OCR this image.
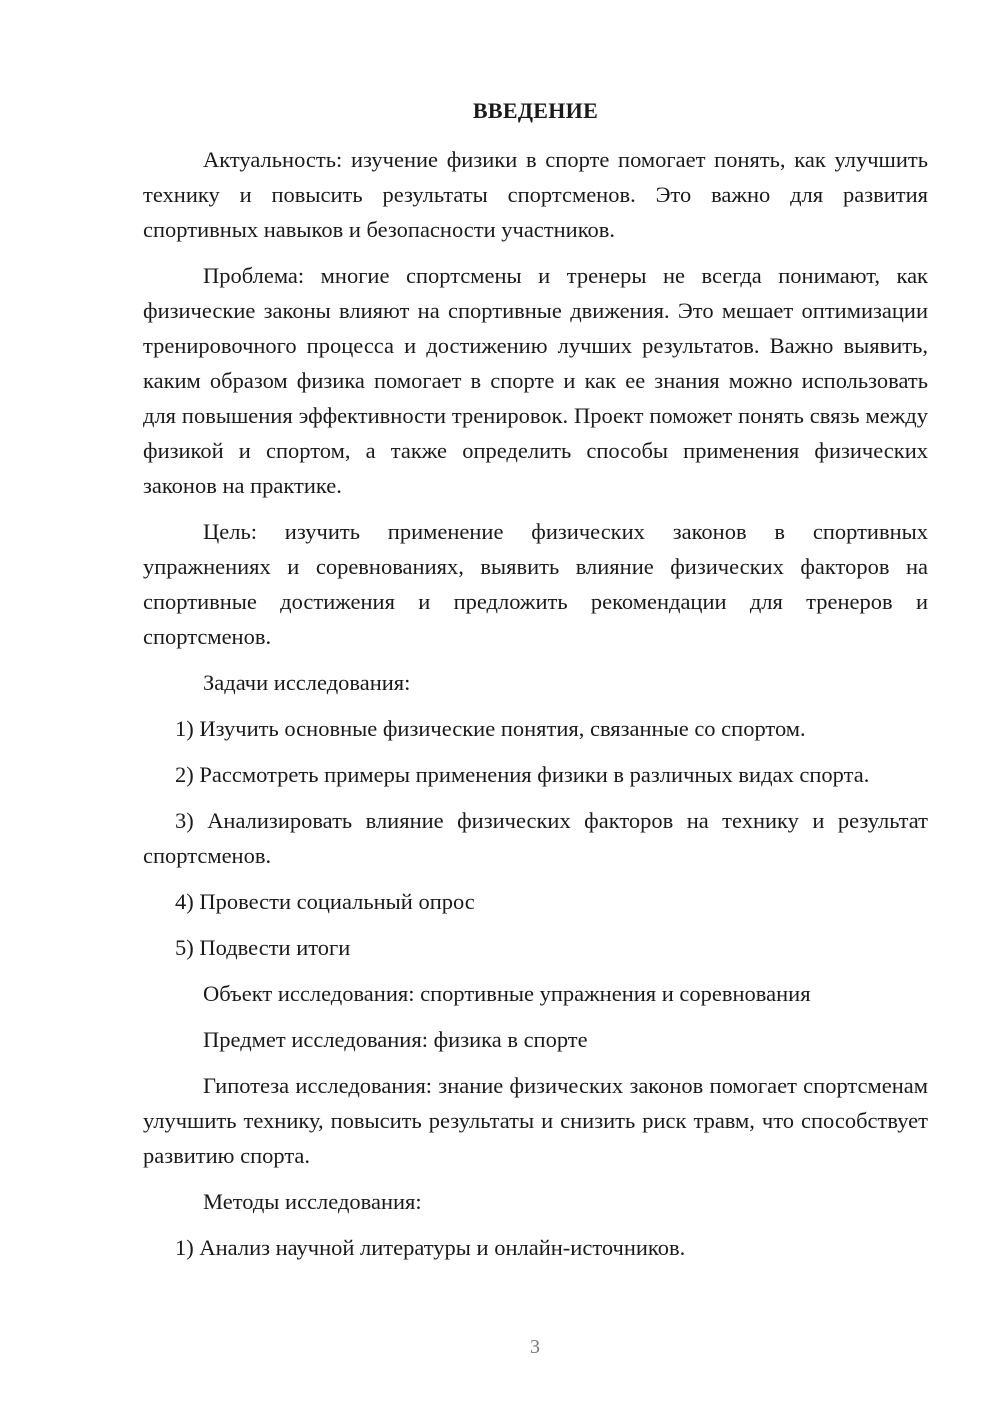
ВВЕДЕНИЕ

Актуальность: изучение физики в спорте помогает понять, как улучшить технику и повысить результаты спортсменов. Это важно для развития спортивных навыков и безопасности участников.

Проблема: многие спортсмены и тренеры не всегда понимают, как физические законы влияют на спортивные движения. Это мешает оптимизации тренировочного процесса и достижению лучших результатов. Важно выявить, каким образом физика помогает в спорте и как ее знания можно использовать для повышения эффективности тренировок. Проект поможет понять связь между физикой и спортом, а также определить способы применения физических законов на практике.

Цель: изучить применение физических законов в спортивных упражнениях и соревнованиях, выявить влияние физических факторов на спортивные достижения и предложить рекомендации для тренеров и спортсменов.

Задачи исследования:

1) Изучить основные физические понятия, связанные со спортом.

2) Рассмотреть примеры применения физики в различных видах спорта.

3) Анализировать влияние физических факторов на технику и результат спортсменов.

4) Провести социальный опрос

5) Подвести итоги

Объект исследования: спортивные упражнения и соревнования

Предмет исследования: физика в спорте

Гипотеза исследования: знание физических законов помогает спортсменам улучшить технику, повысить результаты и снизить риск травм, что способствует развитию спорта.

Методы исследования:

1) Анализ научной литературы и онлайн-источников.

3
